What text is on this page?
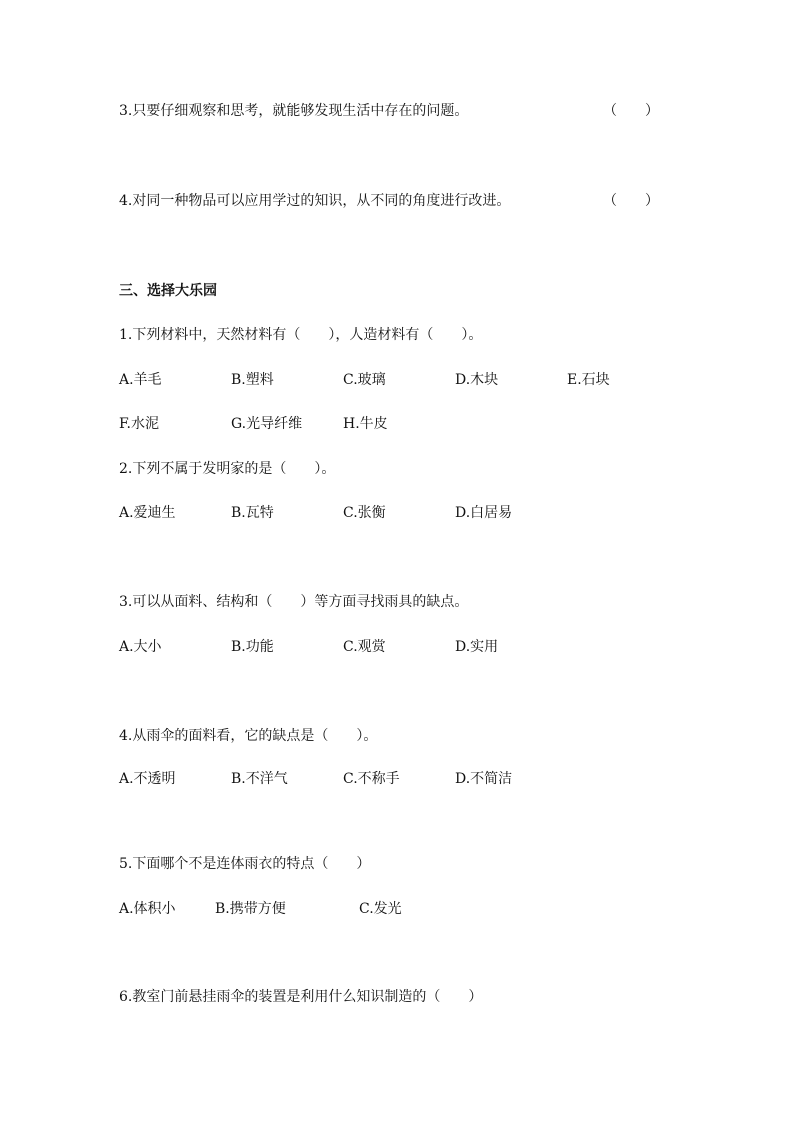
3.只要仔细观察和思考，就能够发现生活中存在的问题。	（　　）
4.对同一种物品可以应用学过的知识，从不同的角度进行改进。	（　　）
三、选择大乐园
1.下列材料中，天然材料有（　　），人造材料有（　　）。
A.羊毛	B.塑料	C.玻璃	D.木块	E.石块
F.水泥	G.光导纤维	H.牛皮
2.下列不属于发明家的是（　　）。
A.爱迪生	B.瓦特	C.张衡	D.白居易
3.可以从面料、结构和（　　）等方面寻找雨具的缺点。
A.大小	B.功能	C.观赏	D.实用
4.从雨伞的面料看，它的缺点是（　　）。
A.不透明	B.不洋气	C.不称手	D.不简洁
5.下面哪个不是连体雨衣的特点（　　）
A.体积小	B.携带方便	C.发光
6.教室门前悬挂雨伞的装置是利用什么知识制造的（　　）
